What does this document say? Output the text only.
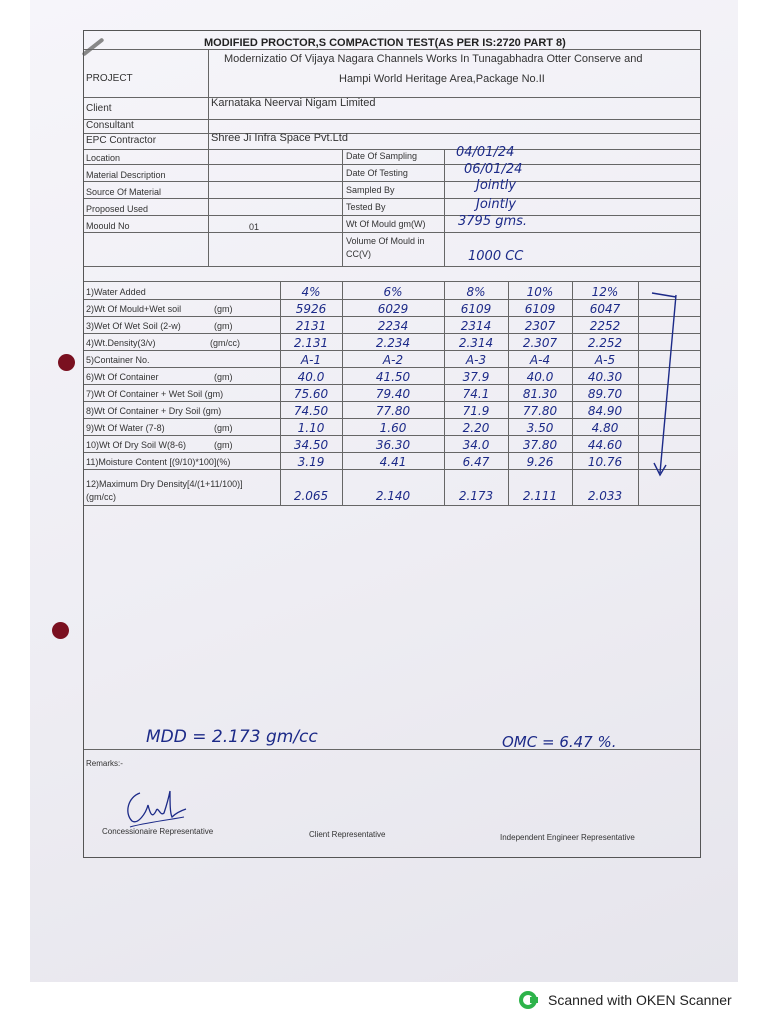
MODIFIED PROCTOR,S COMPACTION TEST(AS PER IS:2720 PART 8)
PROJECT
Modernizatio Of Vijaya Nagara Channels Works In Tunagabhadra Otter Conserve and
Hampi World Heritage Area,Package No.II
Client	Karnataka Neervai Nigam Limited
Consultant
EPC Contractor	Shree Ji Infra Space Pvt.Ltd
Location
Material Description
Source Of Material
Proposed Used
Moould No	01
Date Of Sampling	04/01/24
Date Of Testing	06/01/24
Sampled By	Jointly
Tested By	Jointly
Wt Of Mould gm(W) 3795 gms.
Volume Of Mould in
CC(V)	1000 CC
1)Water Added	4%	6%	8%	10%	12%
2)Wt Of Mould+Wet soil	(gm)	5926	6029	6109	6109	6047
3)Wet Of Wet Soil (2-w)	(gm)	2131	2234	2314	2307	2252
4)Wt.Density(3/v)	(gm/cc)	2.131	2.234	2.314	2.307	2.252
5)Container No.	A-1	A-2	A-3	A-4	A-5
6)Wt Of Container	(gm)	40.0	41.50	37.9	40.0	40.30
7)Wt Of Container + Wet Soil (gm)	75.60	79.40	74.1	81.30	89.70
8)Wt Of Container + Dry Soil (gm)	74.50	77.80	71.9	77.80	84.90
9)Wt Of Water (7-8)	(gm)	1.10	1.60	2.20	3.50	4.80
10)Wt Of Dry Soil W(8-6)	(gm)	34.50	36.30	34.0	37.80	44.60
11)Moisture Content [(9/10)*100](%)	3.19	4.41	6.47	9.26	10.76
12)Maximum Dry Density[4/(1+11/100)]
(gm/cc)	2.065	2.140	2.173	2.111	2.033
MDD = 2.173 gm/cc	OMC = 6.47 %.
Remarks:-
Concessionaire Representative	Client Representative	Independent Engineer Representative
Scanned with OKEN Scanner
